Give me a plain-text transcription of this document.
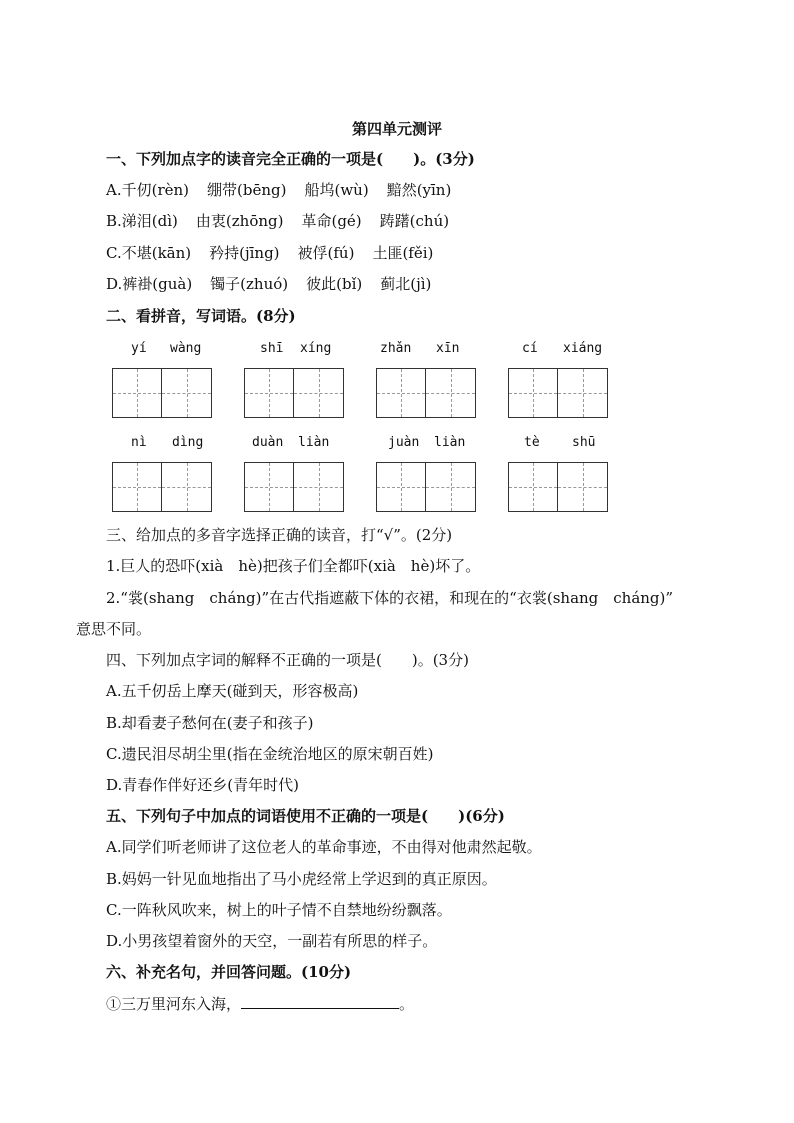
第四单元测评
一、下列加点字的读音完全正确的一项是(　　)。(3分)
A.千仞(rèn) 绷带(bēng) 船坞(wù) 黯然(yīn)
B.涕泪(dì) 由衷(zhōng) 革命(gé) 踌躇(chú)
C.不堪(kān) 矜持(jīng) 被俘(fú) 土匪(fěi)
D.裤褂(guà) 镯子(zhuó) 彼此(bǐ) 蓟北(jì)
二、看拼音，写词语。(8分)
yí wàng	shī xíng	zhǎn xīn	cí xiáng
nì dìng	duàn liàn	juàn liàn	tè shū
三、给加点的多音字选择正确的读音，打“√”。(2分)
1.巨人的恐吓(xià　hè)把孩子们全都吓(xià　hè)坏了。
2.“裳(shang　cháng)”在古代指遮蔽下体的衣裙，和现在的“衣裳(shang　cháng)”
意思不同。
四、下列加点字词的解释不正确的一项是(　　)。(3分)
A.五千仞岳上摩天(碰到天，形容极高)
B.却看妻子愁何在(妻子和孩子)
C.遗民泪尽胡尘里(指在金统治地区的原宋朝百姓)
D.青春作伴好还乡(青年时代)
五、下列句子中加点的词语使用不正确的一项是(　　)(6分)
A.同学们听老师讲了这位老人的革命事迹，不由得对他肃然起敬。
B.妈妈一针见血地指出了马小虎经常上学迟到的真正原因。
C.一阵秋风吹来，树上的叶子情不自禁地纷纷飘落。
D.小男孩望着窗外的天空，一副若有所思的样子。
六、补充名句，并回答问题。(10分)
①三万里河东入海，	。
